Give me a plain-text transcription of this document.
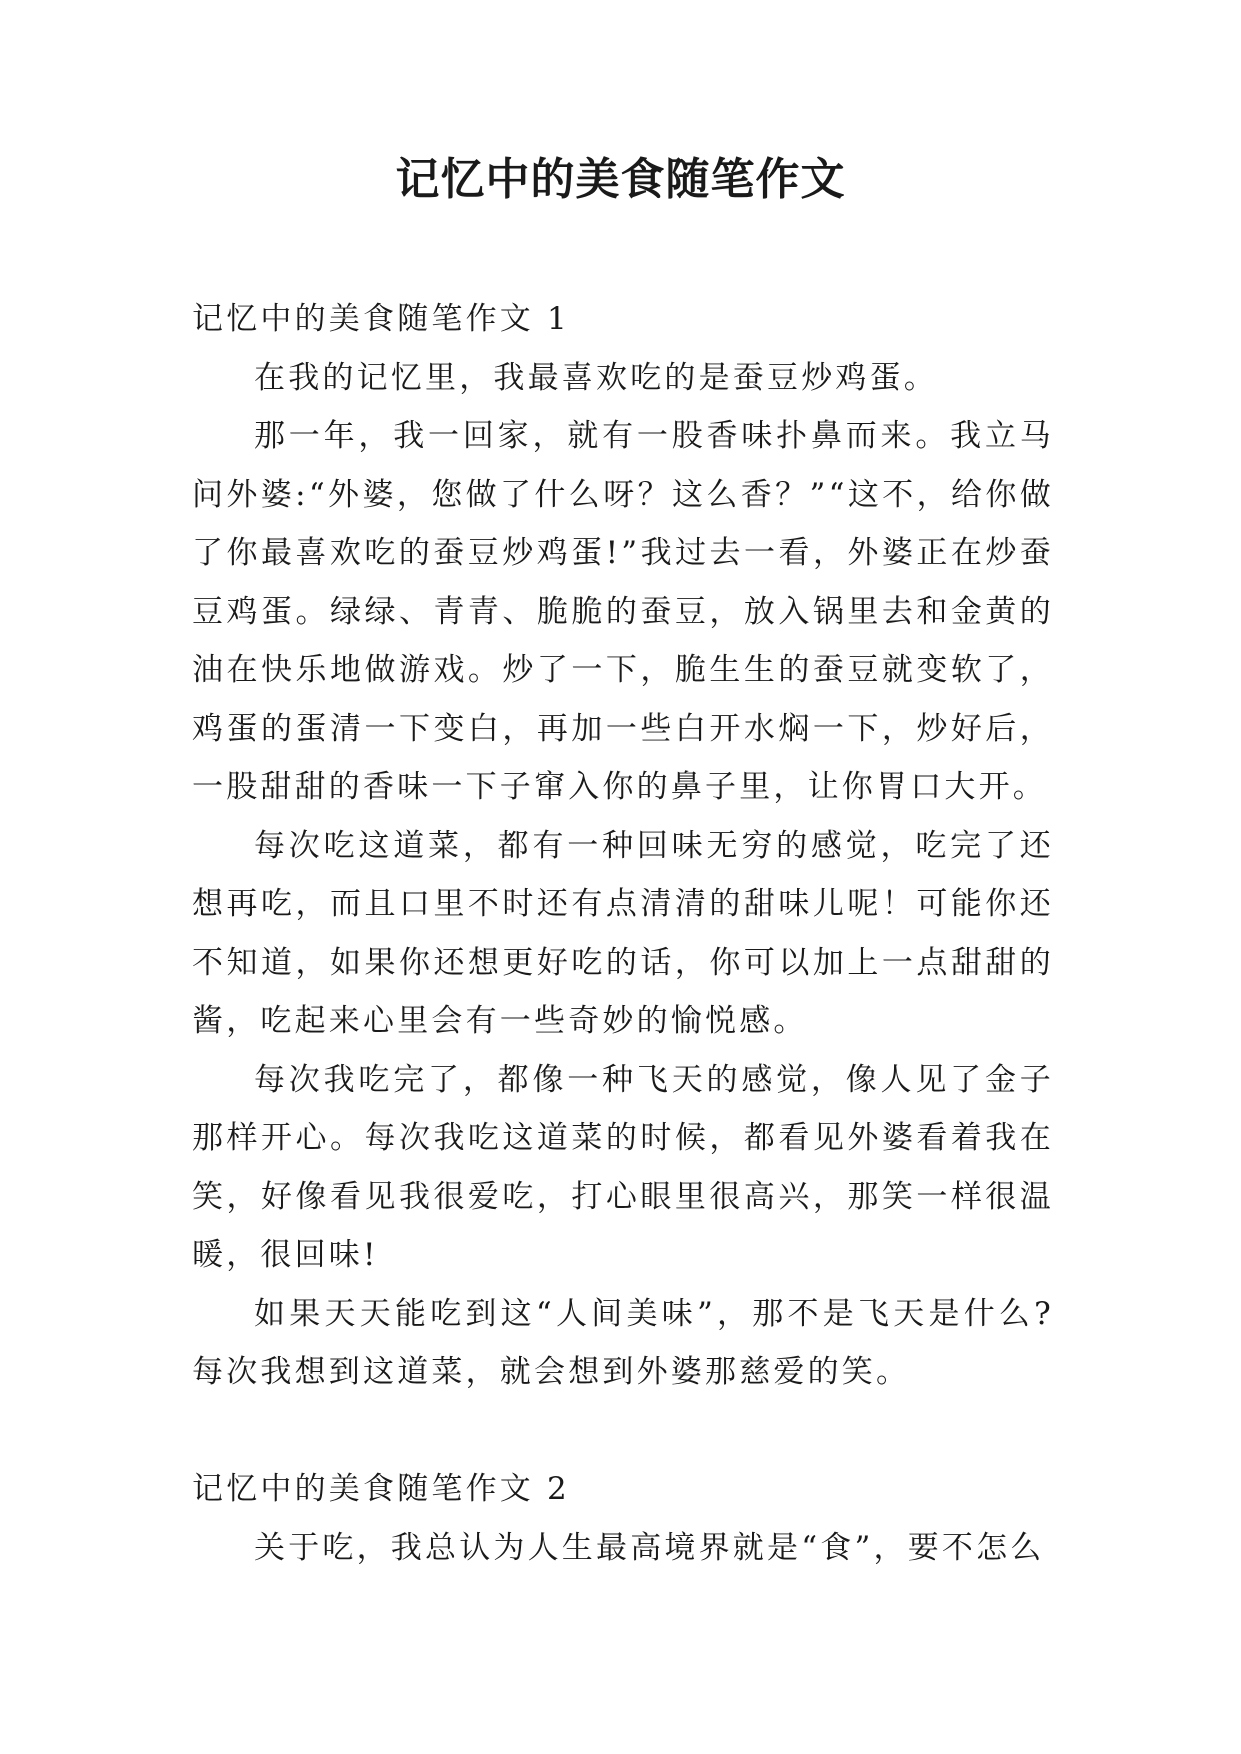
记忆中的美食随笔作文
记忆中的美食随笔作文 1

在我的记忆里，我最喜欢吃的是蚕豆炒鸡蛋。

那一年，我一回家，就有一股香味扑鼻而来。我立马问外婆:“外婆，您做了什么呀？这么香？”“这不，给你做了你最喜欢吃的蚕豆炒鸡蛋!”我过去一看，外婆正在炒蚕豆鸡蛋。绿绿、青青、脆脆的蚕豆，放入锅里去和金黄的油在快乐地做游戏。炒了一下，脆生生的蚕豆就变软了，鸡蛋的蛋清一下变白，再加一些白开水焖一下，炒好后，一股甜甜的香味一下子窜入你的鼻子里，让你胃口大开。

每次吃这道菜，都有一种回味无穷的感觉，吃完了还想再吃，而且口里不时还有点清清的甜味儿呢！可能你还不知道，如果你还想更好吃的话，你可以加上一点甜甜的酱，吃起来心里会有一些奇妙的愉悦感。

每次我吃完了，都像一种飞天的感觉，像人见了金子那样开心。每次我吃这道菜的时候，都看见外婆看着我在笑，好像看见我很爱吃，打心眼里很高兴，那笑一样很温暖，很回味!

如果天天能吃到这“人间美味”，那不是飞天是什么?每次我想到这道菜，就会想到外婆那慈爱的笑。

记忆中的美食随笔作文 2

关于吃，我总认为人生最高境界就是“食”，要不怎么
